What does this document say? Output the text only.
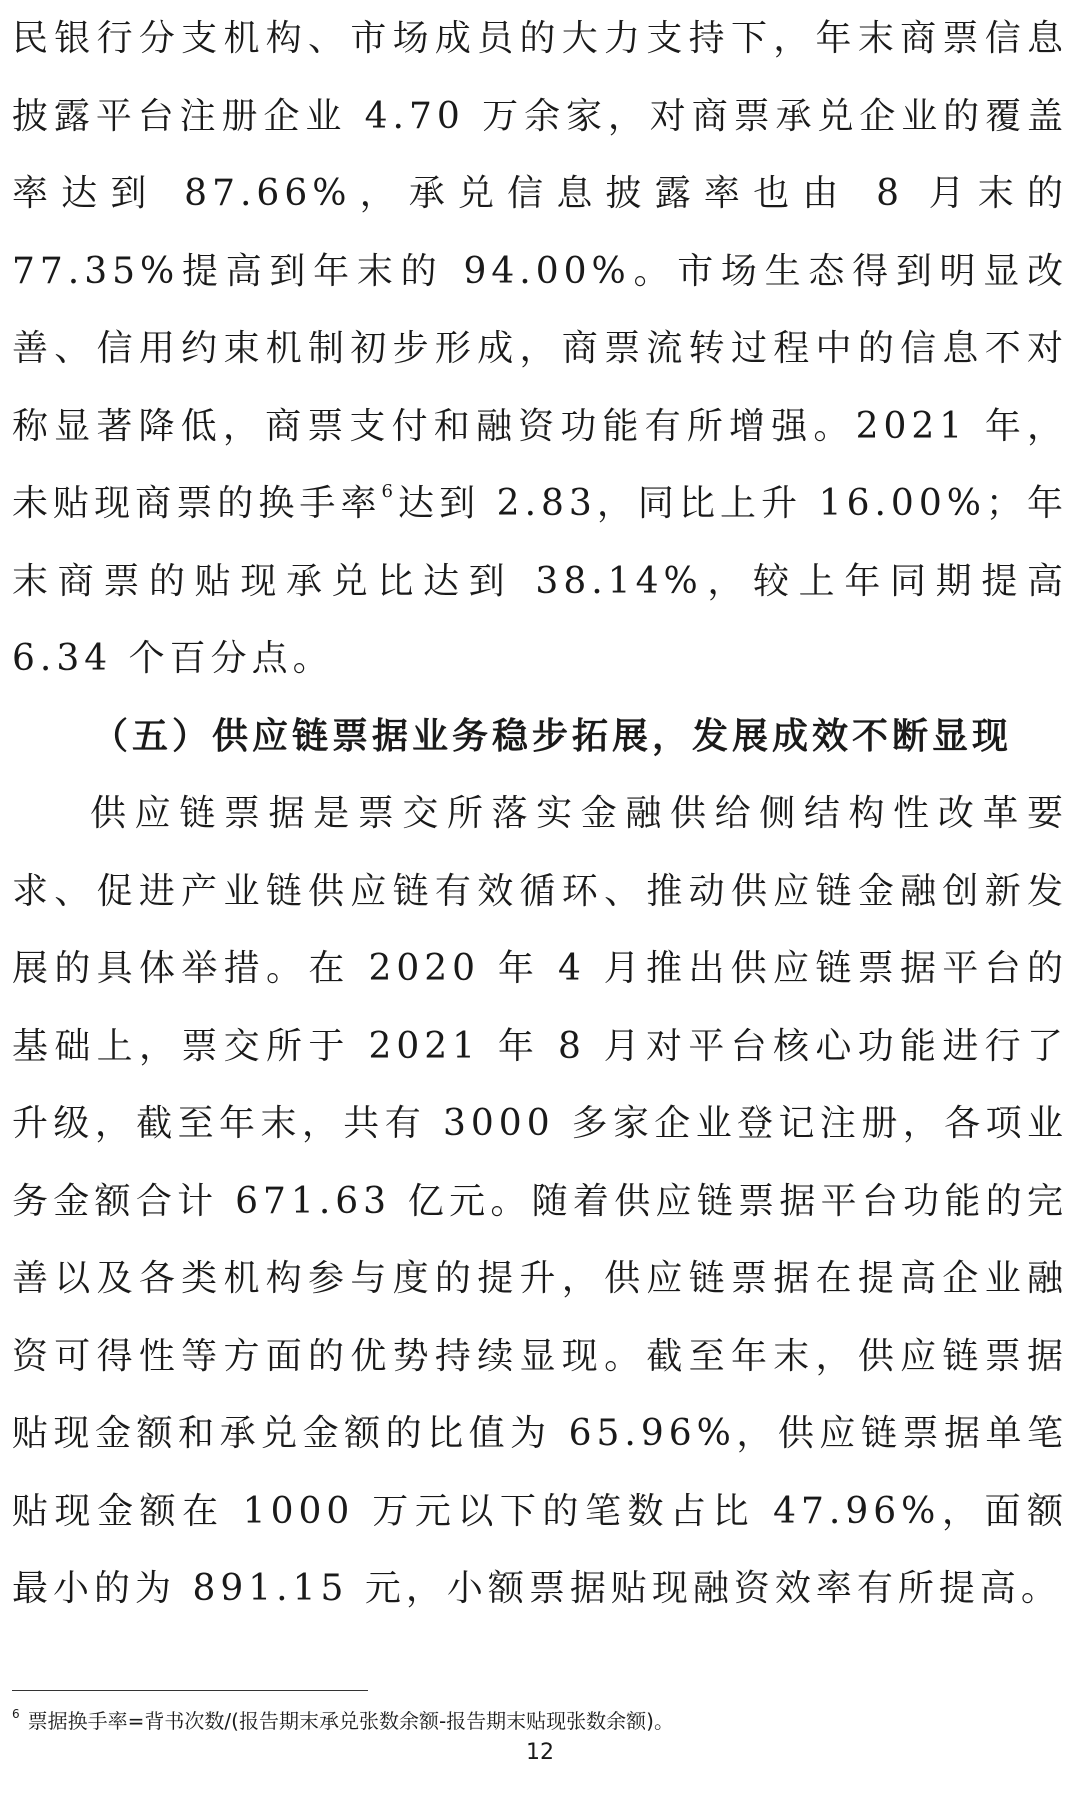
民银行分支机构、市场成员的大力支持下，年末商票信息披露平台注册企业 4.70 万余家，对商票承兑企业的覆盖率达到 87.66%，承兑信息披露率也由 8 月末的 77.35%提高到年末的 94.00%。市场生态得到明显改善、信用约束机制初步形成，商票流转过程中的信息不对称显著降低，商票支付和融资功能有所增强。2021 年，未贴现商票的换手率$^6$达到 2.83，同比上升 16.00%；年末商票的贴现承兑比达到 38.14%，较上年同期提高 6.34 个百分点。

（五）供应链票据业务稳步拓展，发展成效不断显现

供应链票据是票交所落实金融供给侧结构性改革要求、促进产业链供应链有效循环、推动供应链金融创新发展的具体举措。在 2020 年 4 月推出供应链票据平台的基础上，票交所于 2021 年 8 月对平台核心功能进行了升级，截至年末，共有 3000 多家企业登记注册，各项业务金额合计 671.63 亿元。随着供应链票据平台功能的完善以及各类机构参与度的提升，供应链票据在提高企业融资可得性等方面的优势持续显现。截至年末，供应链票据贴现金额和承兑金额的比值为 65.96%，供应链票据单笔贴现金额在 1000 万元以下的笔数占比 47.96%，面额最小的为 891.15 元，小额票据贴现融资效率有所提高。

$^6$ 票据换手率=背书次数/(报告期末承兑张数余额-报告期末贴现张数余额)。
12
